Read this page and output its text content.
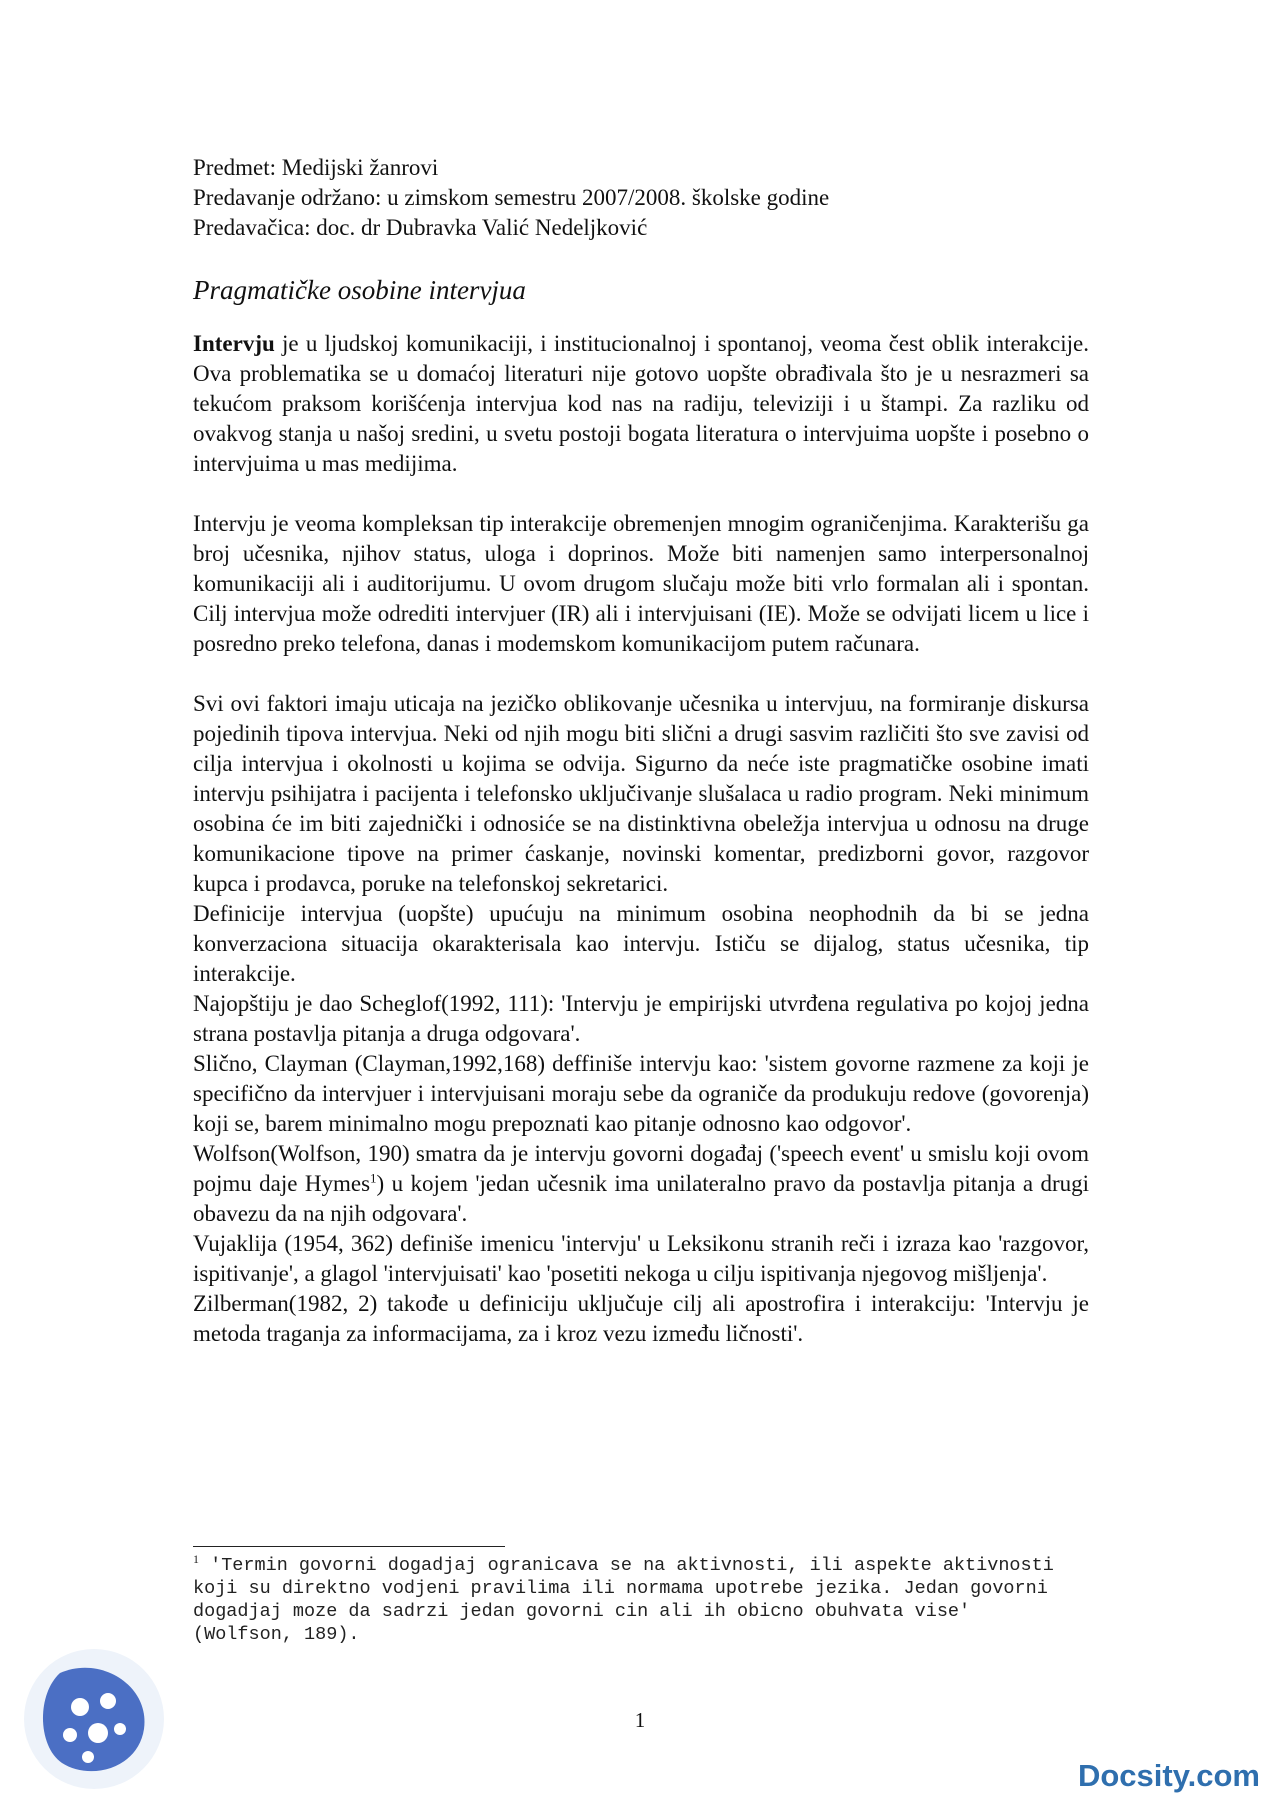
Predmet: Medijski žanrovi

Predavanje održano: u zimskom semestru 2007/2008. školske godine

Predavačica: doc. dr Dubravka Valić Nedeljković

Pragmatičke osobine intervjua

Intervju je u ljudskoj komunikaciji, i institucionalnoj i spontanoj, veoma čest oblik interakcije. Ova problematika se u domaćoj literaturi nije gotovo uopšte obrađivala što je u nesrazmeri sa tekućom praksom korišćenja intervjua kod nas na radiju, televiziji i u štampi. Za razliku od ovakvog stanja u našoj sredini, u svetu postoji bogata literatura o intervjuima uopšte i posebno o intervjuima u mas medijima.

Intervju je veoma kompleksan tip interakcije obremenjen mnogim ograničenjima. Karakterišu ga broj učesnika, njihov status, uloga i doprinos. Može biti namenjen samo interpersonalnoj komunikaciji ali i auditorijumu. U ovom drugom slučaju može biti vrlo formalan ali i spontan. Cilj intervjua može odrediti intervjuer (IR) ali i intervjuisani (IE). Može se odvijati licem u lice i posredno preko telefona, danas i modemskom komunikacijom putem računara.

Svi ovi faktori imaju uticaja na jezičko oblikovanje učesnika u intervjuu, na formiranje diskursa pojedinih tipova intervjua. Neki od njih mogu biti slični a drugi sasvim različiti što sve zavisi od cilja intervjua i okolnosti u kojima se odvija. Sigurno da neće iste pragmatičke osobine imati intervju psihijatra i pacijenta i telefonsko uključivanje slušalaca u radio program. Neki minimum osobina će im biti zajednički i odnosiće se na distinktivna obeležja intervjua u odnosu na druge komunikacione tipove na primer ćaskanje, novinski komentar, predizborni govor, razgovor kupca i prodavca, poruke na telefonskoj sekretarici.

Definicije intervjua (uopšte) upućuju na minimum osobina neophodnih da bi se jedna konverzaciona situacija okarakterisala kao intervju. Ističu se dijalog, status učesnika, tip interakcije.

Najopštiju je dao Scheglof(1992, 111): 'Intervju je empirijski utvrđena regulativa po kojoj jedna strana postavlja pitanja a druga odgovara'.

Slično, Clayman (Clayman,1992,168) deffiniše intervju kao: 'sistem govorne razmene za koji je specifično da intervjuer i intervjuisani moraju sebe da ograniče da produkuju redove (govorenja) koji se, barem minimalno mogu prepoznati kao pitanje odnosno kao odgovor'.

Wolfson(Wolfson, 190) smatra da je intervju govorni događaj ('speech event' u smislu koji ovom pojmu daje Hymes$^1$) u kojem 'jedan učesnik ima unilateralno pravo da postavlja pitanja a drugi obavezu da na njih odgovara'.

Vujaklija (1954, 362) definiše imenicu 'intervju' u Leksikonu stranih reči i izraza kao 'razgovor, ispitivanje', a glagol 'intervjuisati' kao 'posetiti nekoga u cilju ispitivanja njegovog mišljenja'.

Zilberman(1982, 2) takođe u definiciju uključuje cilj ali apostrofira i interakciju: 'Intervju je metoda traganja za informacijama, za i kroz vezu između ličnosti'.

$^1$ 'Termin govorni dogadjaj ogranicava se na aktivnosti, ili aspekte aktivnosti koji su direktno vodjeni pravilima ili normama upotrebe jezika. Jedan govorni dogadjaj moze da sadrzi jedan govorni cin ali ih obicno obuhvata vise' (Wolfson, 189).
1
Docsity.com
